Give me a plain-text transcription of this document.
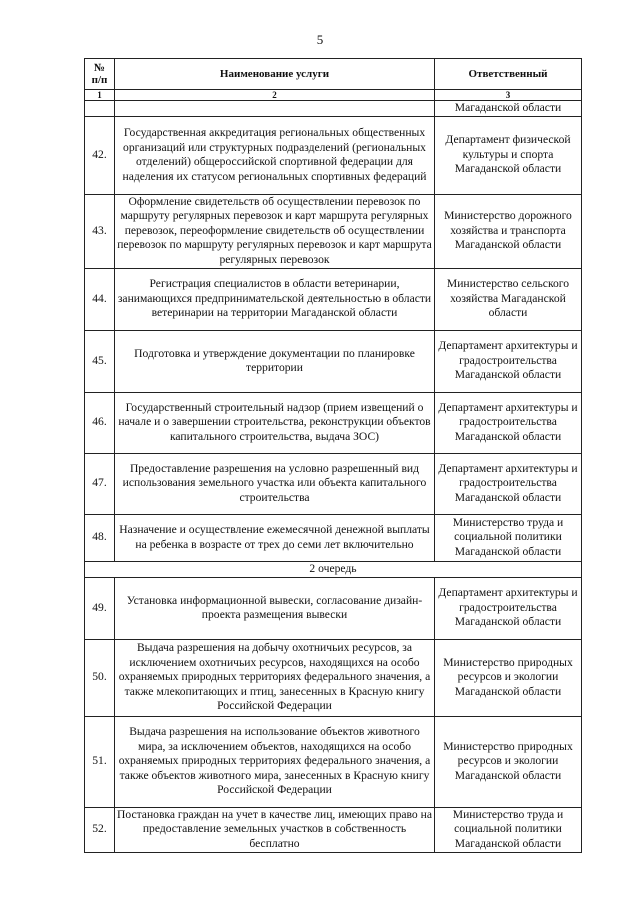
5
№
п/п	Наименование услуги	Ответственный
1	2	3
		Магаданской области
42.	Государственная аккредитация региональных общественных организаций или структурных подразделений (региональных отделений) общероссийской спортивной федерации для наделения их статусом региональных спортивных федераций	Департамент физической культуры и спорта Магаданской области
43.	Оформление свидетельств об осуществлении перевозок по маршруту регулярных перевозок и карт маршрута регулярных перевозок, переоформление свидетельств об осуществлении перевозок по маршруту регулярных перевозок и карт маршрута регулярных перевозок	Министерство дорожного хозяйства и транспорта Магаданской области
44.	Регистрация специалистов в области ветеринарии, занимающихся предпринимательской деятельностью в области ветеринарии на территории Магаданской области	Министерство сельского хозяйства Магаданской области
45.	Подготовка и утверждение документации по планировке территории	Департамент архитектуры и градостроительства Магаданской области
46.	Государственный строительный надзор (прием извещений о начале и о завершении строительства, реконструкции объектов капитального строительства, выдача ЗОС)	Департамент архитектуры и градостроительства Магаданской области
47.	Предоставление разрешения на условно разрешенный вид использования земельного участка или объекта капитального строительства	Департамент архитектуры и градостроительства Магаданской области
48.	Назначение и осуществление ежемесячной денежной выплаты на ребенка в возрасте от трех до семи лет включительно	Министерство труда и социальной политики Магаданской области
2 очередь		
49.	Установка информационной вывески, согласование дизайн-проекта размещения вывески	Департамент архитектуры и градостроительства Магаданской области
50.	Выдача разрешения на добычу охотничьих ресурсов, за исключением охотничьих ресурсов, находящихся на особо охраняемых природных территориях федерального значения, а также млекопитающих и птиц, занесенных в Красную книгу Российской Федерации	Министерство природных ресурсов и экологии Магаданской области
51.	Выдача разрешения на использование объектов животного мира, за исключением объектов, находящихся на особо охраняемых природных территориях федерального значения, а также объектов животного мира, занесенных в Красную книгу Российской Федерации	Министерство природных ресурсов и экологии Магаданской области
52.	Постановка граждан на учет в качестве лиц, имеющих право на предоставление земельных участков в собственность бесплатно	Министерство труда и социальной политики Магаданской области
